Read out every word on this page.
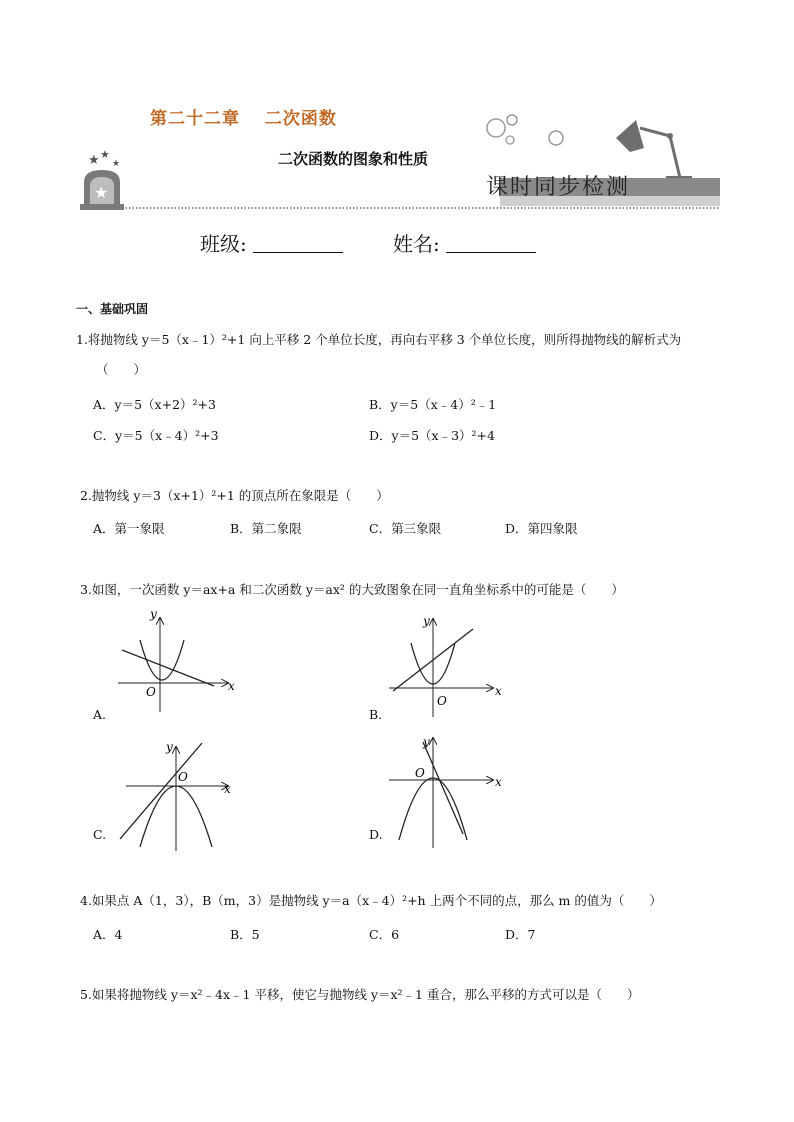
★ ★
★
★
第二十二章　 二次函数
二次函数的图象和性质
课时同步检测
班级:	姓名:
一、基础巩固
1.将抛物线 y＝5（x﹣1）²+1 向上平移 2 个单位长度，再向右平移 3 个单位长度，则所得抛物线的解析式为
（　　）
A．y＝5（x+2）²+3	B．y＝5（x﹣4）²﹣1
C．y＝5（x﹣4）²+3	D．y＝5（x﹣3）²+4
2.抛物线 y＝3（x+1）²+1 的顶点所在象限是（　　）
A．第一象限	B．第二象限	C．第三象限	D．第四象限
3.如图，一次函数 y＝ax+a 和二次函数 y＝ax² 的大致图象在同一直角坐标系中的可能是（　　）
x
y
O
A.
x
y
O
B.
x
y
O
C.
x
y
O
D.
4.如果点 A（1，3），B（m，3）是抛物线 y＝a（x﹣4）²+h 上两个不同的点，那么 m 的值为（　　）
A．4	B．5	C．6	D．7
5.如果将抛物线 y＝x²﹣4x﹣1 平移，使它与抛物线 y＝x²﹣1 重合，那么平移的方式可以是（　　）
